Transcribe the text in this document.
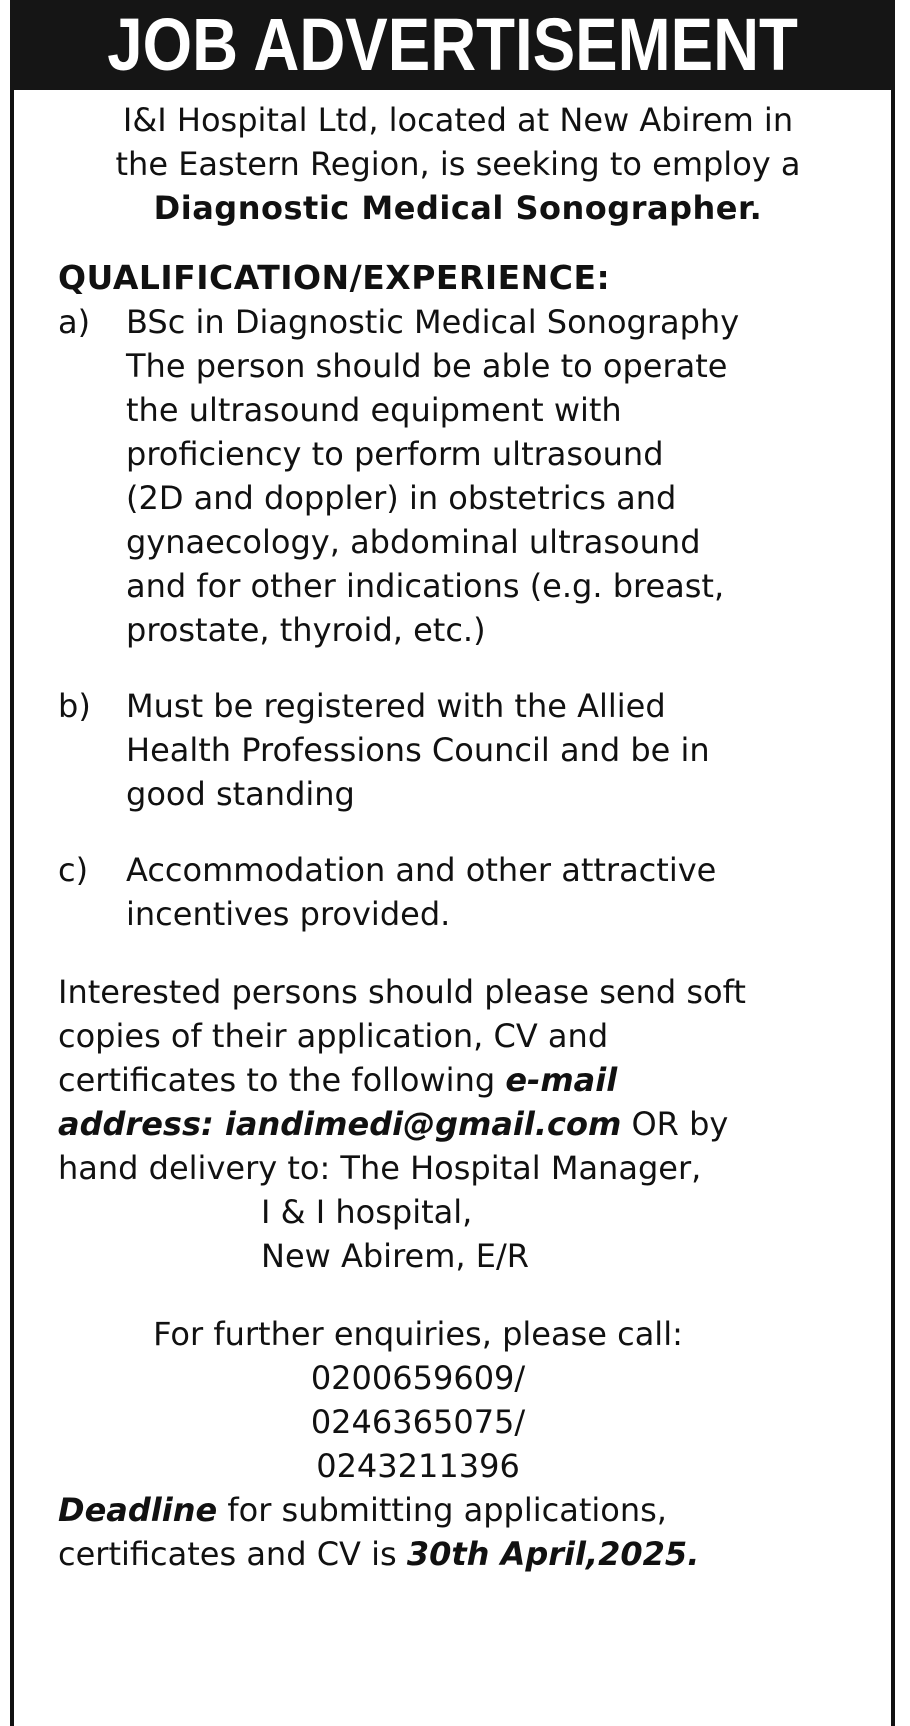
JOB ADVERTISEMENT
I&I Hospital Ltd, located at New Abirem in
the Eastern Region, is seeking to employ a
Diagnostic Medical Sonographer.
QUALIFICATION/EXPERIENCE:
a)	BSc in Diagnostic Medical Sonography
The person should be able to operate
the ultrasound equipment with
proficiency to perform ultrasound
(2D and doppler) in obstetrics and
gynaecology, abdominal ultrasound
and for other indications (e.g. breast,
prostate, thyroid, etc.)
b)	Must be registered with the Allied
Health Professions Council and be in
good standing
c)	Accommodation and other attractive
incentives provided.
Interested persons should please send soft
copies of their application, CV and
certificates to the following e-mail
address: iandimedi@gmail.com OR by
hand delivery to: The Hospital Manager,
I & I hospital,
New Abirem, E/R
For further enquiries, please call:
0200659609/
0246365075/
0243211396
Deadline for submitting applications,
certificates and CV is 30th April,2025.
